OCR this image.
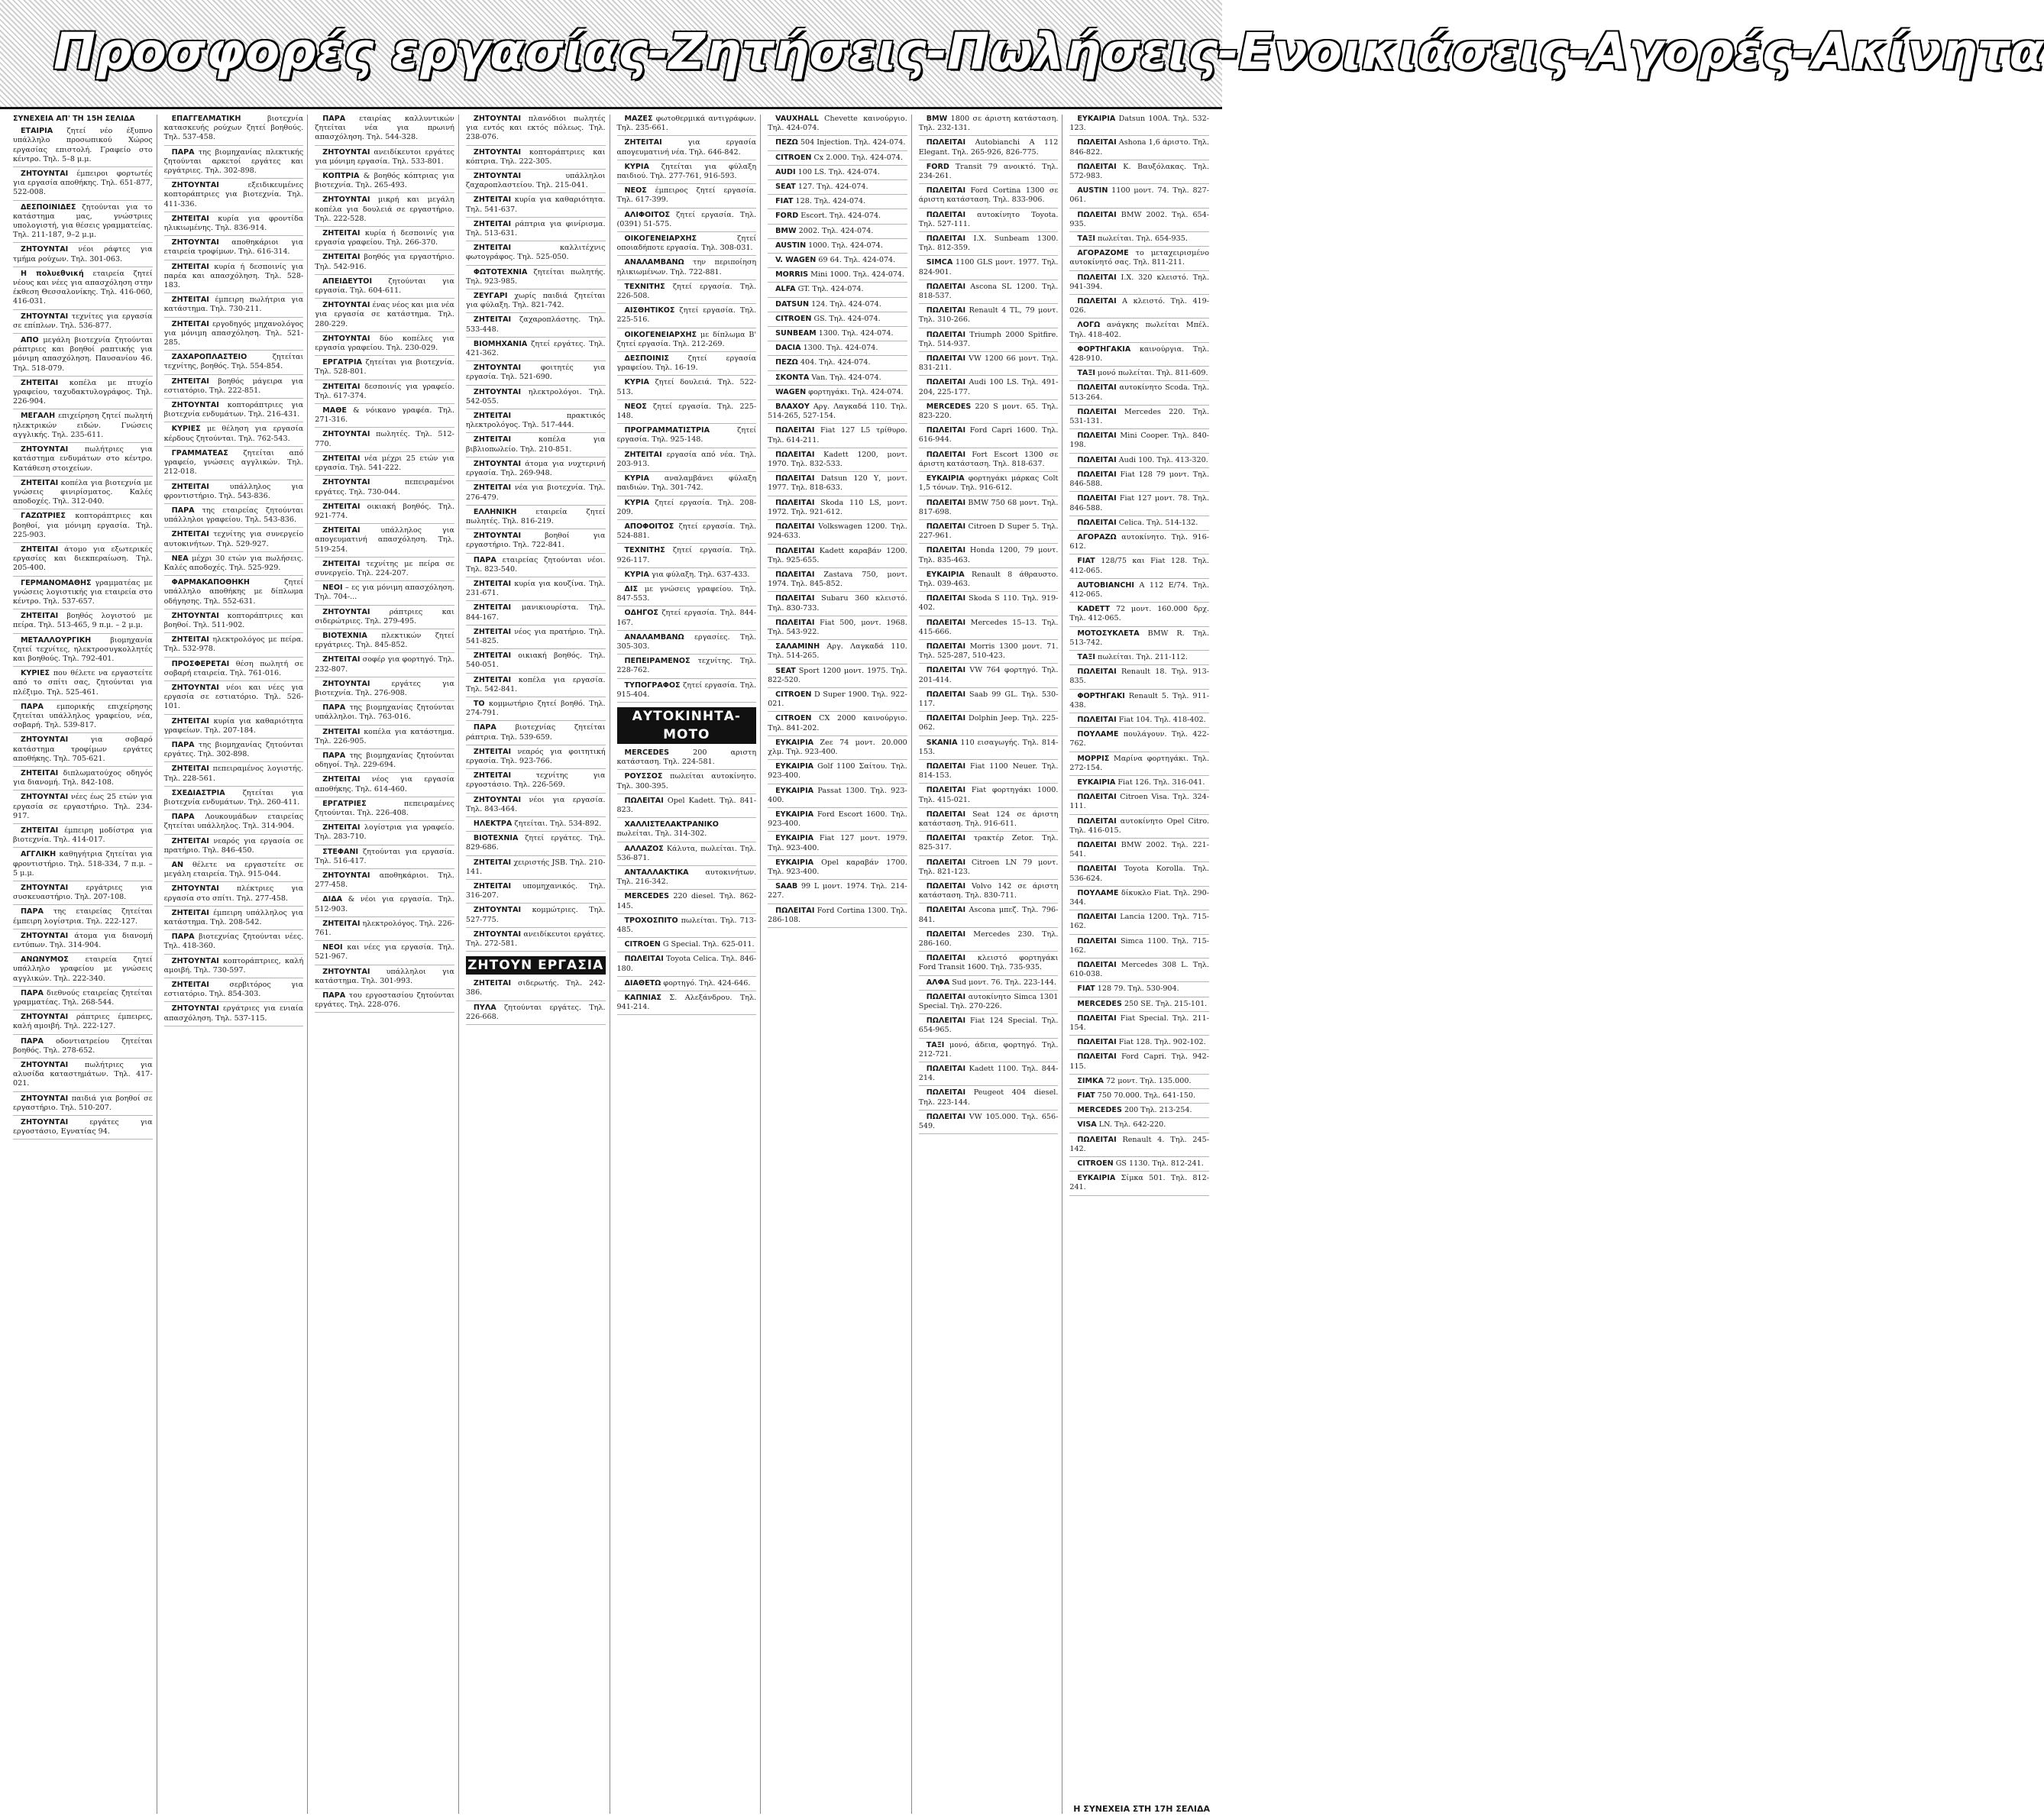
Προσφορές εργασίας-Ζητήσεις-Πωλήσεις-Ενοικιάσεις-Αγορές-Ακίνητα
ΣΥΝΕΧΕΙΑ ΑΠ' ΤΗ 15Η ΣΕΛΙΔΑ
ΕΤΑΙΡΙΑ ζητεί νέο έξυπνο υπάλληλο προσωπικού Χώρος εργασίας επιστολή. Γραφείο στο κέντρο. Τηλ. 5–8 μ.μ.
ΖΗΤΟΥΝΤΑΙ έμπειροι φορτωτές για εργασία αποθήκης. Τηλ. 651-877, 522-008.
ΔΕΣΠΟΙΝΙΔΕΣ ζητούνται για το κατάστημα μας, γνώστριες υπολογιστή, για θέσεις γραμματείας. Τηλ. 211-187, 9–2 μ.μ.
ΖΗΤΟΥΝΤΑΙ νέοι ράφτες για τμήμα ρούχων. Τηλ. 301-063.
Η πολυεθνική εταιρεία ζητεί νέους και νέες για απασχόληση στην έκθεση Θεσσαλονίκης. Τηλ. 416-060, 416-031.
ΖΗΤΟΥΝΤΑΙ τεχνίτες για εργασία σε επίπλων. Τηλ. 536-877.
ΑΠΟ μεγάλη βιοτεχνία ζητούνται ράπτριες και βοηθοί ραπτικής για μόνιμη απασχόληση. Παυσανίου 46. Τηλ. 518-079.
ΖΗΤΕΙΤΑΙ κοπέλα με πτυχίο γραφείου, ταχυδακτυλογράφος. Τηλ. 226-904.
ΜΕΓΑΛΗ επιχείρηση ζητεί πωλητή ηλεκτρικών ειδών. Γνώσεις αγγλικής. Τηλ. 235-611.
ΖΗΤΟΥΝΤΑΙ πωλήτριες για κατάστημα ενδυμάτων στο κέντρο. Κατάθεση στοιχείων.
ΖΗΤΕΙΤΑΙ κοπέλα για βιοτεχνία με γνώσεις φινιρίσματος. Καλές αποδοχές. Τηλ. 312-040.
ΓΑΖΩΤΡΙΕΣ κοπτοράπτριες και βοηθοί, για μόνιμη εργασία. Τηλ. 225-903.
ΖΗΤΕΙΤΑΙ άτομο για εξωτερικές εργασίες και διεκπεραίωση. Τηλ. 205-400.
ΓΕΡΜΑΝΟΜΑΘΗΣ γραμματέας με γνώσεις λογιστικής για εταιρεία στο κέντρο. Τηλ. 537-657.
ΖΗΤΕΙΤΑΙ βοηθός λογιστού με πείρα. Τηλ. 513-465, 9 π.μ. – 2 μ.μ.
ΜΕΤΑΛΛΟΥΡΓΙΚΗ βιομηχανία ζητεί τεχνίτες, ηλεκτροσυγκολλητές και βοηθούς. Τηλ. 792-401.
ΚΥΡΙΕΣ που θέλετε να εργαστείτε από το σπίτι σας, ζητούνται για πλέξιμο. Τηλ. 525-461.
ΠΑΡΑ εμπορικής επιχείρησης ζητείται υπάλληλος γραφείου, νέα, σοβαρή. Τηλ. 539-817.
ΖΗΤΟΥΝΤΑΙ για σοβαρό κατάστημα τροφίμων εργάτες αποθήκης. Τηλ. 705-621.
ΖΗΤΕΙΤΑΙ διπλωματούχος οδηγός για διανομή. Τηλ. 842-108.
ΖΗΤΟΥΝΤΑΙ νέες έως 25 ετών για εργασία σε εργαστήριο. Τηλ. 234-917.
ΖΗΤΕΙΤΑΙ έμπειρη μοδίστρα για βιοτεχνία. Τηλ. 414-017.
ΑΓΓΛΙΚΗ καθηγήτρια ζητείται για φροντιστήριο. Τηλ. 518-334, 7 π.μ. – 5 μ.μ.
ΖΗΤΟΥΝΤΑΙ εργάτριες για συσκευαστήριο. Τηλ. 207-108.
ΠΑΡΑ της εταιρείας ζητείται έμπειρη λογίστρια. Τηλ. 222-127.
ΖΗΤΟΥΝΤΑΙ άτομα για διανομή εντύπων. Τηλ. 314-904.
ΑΝΩΝΥΜΟΣ εταιρεία ζητεί υπάλληλο γραφείου με γνώσεις αγγλικών. Τηλ. 222-340.
ΠΑΡΑ διεθνούς εταιρείας ζητείται γραμματέας. Τηλ. 268-544.
ΖΗΤΟΥΝΤΑΙ ράπτριες έμπειρες, καλή αμοιβή. Τηλ. 222-127.
ΠΑΡΑ οδοντιατρείου ζητείται βοηθός. Τηλ. 278-652.
ΖΗΤΟΥΝΤΑΙ πωλήτριες για αλυσίδα καταστημάτων. Τηλ. 417-021.
ΖΗΤΟΥΝΤΑΙ παιδιά για βοηθοί σε εργαστήριο. Τηλ. 510-207.
ΖΗΤΟΥΝΤΑΙ εργάτες για εργοστάσιο, Εγνατίας 94.
ΕΠΑΓΓΕΛΜΑΤΙΚΗ βιοτεχνία κατασκευής ρούχων ζητεί βοηθούς. Τηλ. 537-458.
ΠΑΡΑ της βιομηχανίας πλεκτικής ζητούνται αρκετοί εργάτες και εργάτριες. Τηλ. 302-898.
ΖΗΤΟΥΝΤΑΙ εξειδικευμένες κοπτοράπτριες για βιοτεχνία. Τηλ. 411-336.
ΖΗΤΕΙΤΑΙ κυρία για φροντίδα ηλικιωμένης. Τηλ. 836-914.
ΖΗΤΟΥΝΤΑΙ αποθηκάριοι για εταιρεία τροφίμων. Τηλ. 616-314.
ΖΗΤΕΙΤΑΙ κυρία ή δεσποινίς για παρέα και απασχόληση. Τηλ. 528-183.
ΖΗΤΕΙΤΑΙ έμπειρη πωλήτρια για κατάστημα. Τηλ. 730-211.
ΖΗΤΕΙΤΑΙ εργοδηγός μηχανολόγος για μόνιμη απασχόληση. Τηλ. 521-285.
ΖΑΧΑΡΟΠΛΑΣΤΕΙΟ ζητείται τεχνίτης, βοηθός. Τηλ. 554-854.
ΖΗΤΕΙΤΑΙ βοηθός μάγειρα για εστιατόριο. Τηλ. 222-851.
ΖΗΤΟΥΝΤΑΙ κοπτοράπτριες για βιοτεχνία ενδυμάτων. Τηλ. 216-431.
ΚΥΡΙΕΣ με θέληση για εργασία κέρδους ζητούνται. Τηλ. 762-543.
ΓΡΑΜΜΑΤΕΑΣ ζητείται από γραφείο, γνώσεις αγγλικών. Τηλ. 212-018.
ΖΗΤΕΙΤΑΙ υπάλληλος για φροντιστήριο. Τηλ. 543-836.
ΠΑΡΑ της εταιρείας ζητούνται υπάλληλοι γραφείου. Τηλ. 543-836.
ΖΗΤΕΙΤΑΙ τεχνίτης για συνεργείο αυτοκινήτων. Τηλ. 529-927.
ΝΕΑ μέχρι 30 ετών για πωλήσεις. Καλές αποδοχές. Τηλ. 525-929.
ΦΑΡΜΑΚΑΠΟΘΗΚΗ ζητεί υπάλληλο αποθήκης με δίπλωμα οδήγησης. Τηλ. 552-631.
ΖΗΤΟΥΝΤΑΙ κοπτοράπτριες και βοηθοί. Τηλ. 511-902.
ΖΗΤΕΙΤΑΙ ηλεκτρολόγος με πείρα. Τηλ. 532-978.
ΠΡΟΣΦΕΡΕΤΑΙ θέση πωλητή σε σοβαρή εταιρεία. Τηλ. 761-016.
ΖΗΤΟΥΝΤΑΙ νέοι και νέες για εργασία σε εστιατόριο. Τηλ. 526-101.
ΖΗΤΕΙΤΑΙ κυρία για καθαριότητα γραφείων. Τηλ. 207-184.
ΠΑΡΑ της βιομηχανίας ζητούνται εργάτες. Τηλ. 302-898.
ΖΗΤΕΙΤΑΙ πεπειραμένος λογιστής. Τηλ. 228-561.
ΣΧΕΔΙΑΣΤΡΙΑ ζητείται για βιοτεχνία ενδυμάτων. Τηλ. 260-411.
ΠΑΡΑ Λουκουμάδων εταιρείας ζητείται υπάλληλος. Τηλ. 314-904.
ΖΗΤΕΙΤΑΙ νεαρός για εργασία σε πρατήριο. Τηλ. 846-450.
ΑΝ θέλετε να εργαστείτε σε μεγάλη εταιρεία. Τηλ. 915-044.
ΖΗΤΟΥΝΤΑΙ πλέκτριες για εργασία στο σπίτι. Τηλ. 277-458.
ΖΗΤΕΙΤΑΙ έμπειρη υπάλληλος για κατάστημα. Τηλ. 208-542.
ΠΑΡΑ βιοτεχνίας ζητούνται νέες. Τηλ. 418-360.
ΖΗΤΟΥΝΤΑΙ κοπτοράπτριες, καλή αμοιβή. Τηλ. 730-597.
ΖΗΤΕΙΤΑΙ σερβιτόρος για εστιατόριο. Τηλ. 854-303.
ΖΗΤΟΥΝΤΑΙ εργάτριες για ενιαία απασχόληση. Τηλ. 537-115.
ΠΑΡΑ εταιρίας καλλυντικών ζητείται νέα για πρωινή απασχόληση. Τηλ. 544-328.
ΖΗΤΟΥΝΤΑΙ ανειδίκευτοι εργάτες για μόνιμη εργασία. Τηλ. 533-801.
ΚΟΠΤΡΙΑ & βοηθός κόπτριας για βιοτεχνία. Τηλ. 265-493.
ΖΗΤΟΥΝΤΑΙ μικρή και μεγάλη κοπέλα για δουλειά σε εργαστήριο. Τηλ. 222-528.
ΖΗΤΕΙΤΑΙ κυρία ή δεσποινίς για εργασία γραφείου. Τηλ. 266-370.
ΖΗΤΕΙΤΑΙ βοηθός για εργαστήριο. Τηλ. 542-916.
ΑΠΕΙΔΕΥΤΟΙ ζητούνται για εργασία. Τηλ. 604-611.
ΖΗΤΟΥΝΤΑΙ ένας νέος και μια νέα για εργασία σε κατάστημα. Τηλ. 280-229.
ΖΗΤΟΥΝΤΑΙ δύο κοπέλες για εργασία γραφείου. Τηλ. 230-029.
ΕΡΓΑΤΡΙΑ ζητείται για βιοτεχνία. Τηλ. 528-801.
ΖΗΤΕΙΤΑΙ δεσποινίς για γραφείο. Τηλ. 617-374.
ΜΑΘΕ & νόικανο γραφέα. Τηλ. 271-316.
ΖΗΤΟΥΝΤΑΙ πωλητές. Τηλ. 512-770.
ΖΗΤΕΙΤΑΙ νέα μέχρι 25 ετών για εργασία. Τηλ. 541-222.
ΖΗΤΟΥΝΤΑΙ πεπειραμένοι εργάτες. Τηλ. 730-044.
ΖΗΤΕΙΤΑΙ οικιακή βοηθός. Τηλ. 921-774.
ΖΗΤΕΙΤΑΙ υπάλληλος για απογευματινή απασχόληση. Τηλ. 519-254.
ΖΗΤΕΙΤΑΙ τεχνίτης με πείρα σε συνεργείο. Τηλ. 224-207.
ΝΕΟΙ – ες για μόνιμη απασχόληση. Τηλ. 704-...
ΖΗΤΟΥΝΤΑΙ ράπτριες και σιδερώτριες. Τηλ. 279-495.
ΒΙΟΤΕΧΝΙΑ πλεκτικών ζητεί εργάτριες. Τηλ. 845-852.
ΖΗΤΕΙΤΑΙ σοφέρ για φορτηγό. Τηλ. 232-807.
ΖΗΤΟΥΝΤΑΙ εργάτες για βιοτεχνία. Τηλ. 276-908.
ΠΑΡΑ της βιομηχανίας ζητούνται υπάλληλοι. Τηλ. 763-016.
ΖΗΤΕΙΤΑΙ κοπέλα για κατάστημα. Τηλ. 226-905.
ΠΑΡΑ της βιομηχανίας ζητούνται οδηγοί. Τηλ. 229-694.
ΖΗΤΕΙΤΑΙ νέος για εργασία αποθήκης. Τηλ. 614-460.
ΕΡΓΑΤΡΙΕΣ πεπειραμένες ζητούνται. Τηλ. 226-408.
ΖΗΤΕΙΤΑΙ λογίστρια για γραφείο. Τηλ. 283-710.
ΣΤΕΦΑΝΙ ζητούνται για εργασία. Τηλ. 516-417.
ΖΗΤΟΥΝΤΑΙ αποθηκάριοι. Τηλ. 277-458.
ΔΙΔΑ & νέοι για εργασία. Τηλ. 512-903.
ΖΗΤΕΙΤΑΙ ηλεκτρολόγος. Τηλ. 226-761.
ΝΕΟΙ και νέες για εργασία. Τηλ. 521-967.
ΖΗΤΟΥΝΤΑΙ υπάλληλοι για κατάστημα. Τηλ. 301-993.
ΠΑΡΑ του εργοστασίου ζητούνται εργάτες. Τηλ. 228-076.
ΖΗΤΟΥΝΤΑΙ πλανόδιοι πωλητές για εντός και εκτός πόλεως. Τηλ. 238-076.
ΖΗΤΟΥΝΤΑΙ κοπτοράπτριες και κόπτρια. Τηλ. 222-305.
ΖΗΤΟΥΝΤΑΙ υπάλληλοι ζαχαροπλαστείου. Τηλ. 215-041.
ΖΗΤΕΙΤΑΙ κυρία για καθαριότητα. Τηλ. 541-637.
ΖΗΤΕΙΤΑΙ ράπτρια για φινίρισμα. Τηλ. 513-631.
ΖΗΤΕΙΤΑΙ καλλιτέχνις φωτογράφος. Τηλ. 525-050.
ΦΩΤΟΤΕΧΝΙΑ ζητείται πωλητής. Τηλ. 923-985.
ΖΕΥΓΑΡΙ χωρίς παιδιά ζητείται για φύλαξη. Τηλ. 821-742.
ΖΗΤΕΙΤΑΙ ζαχαροπλάστης. Τηλ. 533-448.
ΒΙΟΜΗΧΑΝΙΑ ζητεί εργάτες. Τηλ. 421-362.
ΖΗΤΟΥΝΤΑΙ φοιτητές για εργασία. Τηλ. 521-690.
ΖΗΤΟΥΝΤΑΙ ηλεκτρολόγοι. Τηλ. 542-055.
ΖΗΤΕΙΤΑΙ πρακτικός ηλεκτρολόγος. Τηλ. 517-444.
ΖΗΤΕΙΤΑΙ κοπέλα για βιβλιοπωλείο. Τηλ. 210-851.
ΖΗΤΟΥΝΤΑΙ άτομα για νυχτερινή εργασία. Τηλ. 269-948.
ΖΗΤΕΙΤΑΙ νέα για βιοτεχνία. Τηλ. 276-479.
ΕΛΛΗΝΙΚΗ εταιρεία ζητεί πωλητές. Τηλ. 816-219.
ΖΗΤΟΥΝΤΑΙ βοηθοί για εργαστήριο. Τηλ. 722-841.
ΠΑΡΑ εταιρείας ζητούνται νέοι. Τηλ. 823-540.
ΖΗΤΕΙΤΑΙ κυρία για κουζίνα. Τηλ. 231-671.
ΖΗΤΕΙΤΑΙ μανικιουρίστα. Τηλ. 844-167.
ΖΗΤΕΙΤΑΙ νέος για πρατήριο. Τηλ. 541-825.
ΖΗΤΕΙΤΑΙ οικιακή βοηθός. Τηλ. 540-051.
ΖΗΤΕΙΤΑΙ κοπέλα για εργασία. Τηλ. 542-841.
ΤΟ κομμωτήριο ζητεί βοηθό. Τηλ. 274-791.
ΠΑΡΑ βιοτεχνίας ζητείται ράπτρια. Τηλ. 539-659.
ΖΗΤΕΙΤΑΙ νεαρός για φοιτητική εργασία. Τηλ. 923-766.
ΖΗΤΕΙΤΑΙ τεχνίτης για εργοστάσιο. Τηλ. 226-569.
ΖΗΤΟΥΝΤΑΙ νέοι για εργασία. Τηλ. 843-464.
ΗΛΕΚΤΡΑ ζητείται. Τηλ. 534-892.
ΒΙΟΤΕΧΝΙΑ ζητεί εργάτες. Τηλ. 829-686.
ΖΗΤΕΙΤΑΙ χειριστής JSB. Τηλ. 210-141.
ΖΗΤΕΙΤΑΙ υπομηχανικός. Τηλ. 316-207.
ΖΗΤΟΥΝΤΑΙ κομμώτριες. Τηλ. 527-775.
ΖΗΤΟΥΝΤΑΙ ανειδίκευτοι εργάτες. Τηλ. 272-581.
ΖΗΤΟΥΝ ΕΡΓΑΣΙΑ
ΖΗΤΕΙΤΑΙ σιδερωτής. Τηλ. 242-386.
ΠΥΛΑ ζητούνται εργάτες. Τηλ. 226-668.
ΜΑΖΕΣ φωτοθερμικά αντιγράφων. Τηλ. 235-661.
ΖΗΤΕΙΤΑΙ για εργασία απογευματινή νέα. Τηλ. 646-842.
ΚΥΡΙΑ ζητείται για φύλαξη παιδιού. Τηλ. 277-761, 916-593.
ΝΕΟΣ έμπειρος ζητεί εργασία. Τηλ. 617-399.
ΑΛΙΦΟΙΤΟΣ ζητεί εργασία. Τηλ. (0391) 51-575.
ΟΙΚΟΓΕΝΕΙΑΡΧΗΣ ζητεί οποιαδήποτε εργασία. Τηλ. 308-031.
ΑΝΑΛΑΜΒΑΝΩ την περιποίηση ηλικιωμένων. Τηλ. 722-881.
ΤΕΧΝΙΤΗΣ ζητεί εργασία. Τηλ. 226-508.
ΑΙΣΘΗΤΙΚΟΣ ζητεί εργασία. Τηλ. 225-516.
ΟΙΚΟΓΕΝΕΙΑΡΧΗΣ με δίπλωμα Β' ζητεί εργασία. Τηλ. 212-269.
ΔΕΣΠΟΙΝΙΣ ζητεί εργασία γραφείου. Τηλ. 16-19.
ΚΥΡΙΑ ζητεί δουλειά. Τηλ. 522-513.
ΝΕΟΣ ζητεί εργασία. Τηλ. 225-148.
ΠΡΟΓΡΑΜΜΑΤΙΣΤΡΙΑ ζητεί εργασία. Τηλ. 925-148.
ΖΗΤΕΙΤΑΙ εργασία από νέα. Τηλ. 203-913.
ΚΥΡΙΑ αναλαμβάνει φύλαξη παιδιών. Τηλ. 301-742.
ΚΥΡΙΑ ζητεί εργασία. Τηλ. 208-209.
ΑΠΟΦΟΙΤΟΣ ζητεί εργασία. Τηλ. 524-881.
ΤΕΧΝΙΤΗΣ ζητεί εργασία. Τηλ. 926-117.
ΚΥΡΙΑ για φύλαξη. Τηλ. 637-433.
ΔΙΣ με γνώσεις γραφείου. Τηλ. 847-553.
ΟΔΗΓΟΣ ζητεί εργασία. Τηλ. 844-167.
ΑΝΑΛΑΜΒΑΝΩ εργασίες. Τηλ. 305-303.
ΠΕΠΕΙΡΑΜΕΝΟΣ τεχνίτης. Τηλ. 228-762.
ΤΥΠΟΓΡΑΦΟΣ ζητεί εργασία. Τηλ. 915-404.
ΑΥΤΟΚΙΝΗΤΑ-ΜΟΤΟ
MERCEDES 200 αριστη κατάσταση. Τηλ. 224-581.
ΡΟΥΣΣΟΣ πωλείται αυτοκίνητο. Τηλ. 300-395.
ΠΩΛΕΙΤΑΙ Opel Kadett. Τηλ. 841-823.
ΧΑΛΛΙΣΤΕΛΑΚΤΡΑΝΙΚΟ πωλείται. Τηλ. 314-302.
ΑΛΛΑΖΟΣ Κάλυτα, πωλείται. Τηλ. 536-871.
ΑΝΤΑΛΛΑΚΤΙΚΑ αυτοκινήτων. Τηλ. 216-342.
MERCEDES 220 diesel. Τηλ. 862-145.
ΤΡΟΧΟΣΠΙΤΟ πωλείται. Τηλ. 713-485.
CITROEN G Special. Τηλ. 625-011.
ΠΩΛΕΙΤΑΙ Toyota Celica. Τηλ. 846-180.
ΔΙΑΘΕΤΩ φορτηγό. Τηλ. 424-646.
ΚΑΠΝΙΑΣ Σ. Αλεξάνδρου. Τηλ. 941-214.
VAUXHALL Chevette καινούργιο. Τηλ. 424-074.
ΠΕΖΩ 504 Injection. Τηλ. 424-074.
CITROEN Cx 2.000. Τηλ. 424-074.
AUDI 100 LS. Τηλ. 424-074.
SEAT 127. Τηλ. 424-074.
FIAT 128. Τηλ. 424-074.
FORD Escort. Τηλ. 424-074.
BMW 2002. Τηλ. 424-074.
AUSTIN 1000. Τηλ. 424-074.
V. WAGEN 69 64. Τηλ. 424-074.
MORRIS Mini 1000. Τηλ. 424-074.
ALFA GT. Τηλ. 424-074.
DATSUN 124. Τηλ. 424-074.
CITROEN GS. Τηλ. 424-074.
SUNBEAM 1300. Τηλ. 424-074.
DACIA 1300. Τηλ. 424-074.
ΠΕΖΩ 404. Τηλ. 424-074.
ΣΚΟΝΤΑ Van. Τηλ. 424-074.
WAGEN φορτηγάκι. Τηλ. 424-074.
ΒΛΑΧΟΥ Αργ. Λαγκαδά 110. Τηλ. 514-265, 527-154.
ΠΩΛΕΙΤΑΙ Fiat 127 L5 τρίθυρο. Τηλ. 614-211.
ΠΩΛΕΙΤΑΙ Kadett 1200, μοντ. 1970. Τηλ. 832-533.
ΠΩΛΕΙΤΑΙ Datsun 120 Υ, μοντ. 1977. Τηλ. 818-633.
ΠΩΛΕΙΤΑΙ Skoda 110 LS, μοντ. 1972. Τηλ. 921-612.
ΠΩΛΕΙΤΑΙ Volkswagen 1200. Τηλ. 924-633.
ΠΩΛΕΙΤΑΙ Kadett καραβάν 1200. Τηλ. 925-655.
ΠΩΛΕΙΤΑΙ Zastava 750, μοντ. 1974. Τηλ. 845-852.
ΠΩΛΕΙΤΑΙ Subaru 360 κλειστό. Τηλ. 830-733.
ΠΩΛΕΙΤΑΙ Fiat 500, μοντ. 1968. Τηλ. 543-922.
ΣΑΛΑΜΙΝΗ Αργ. Λαγκαδά 110. Τηλ. 514-265.
SEAT Sport 1200 μοντ. 1975. Τηλ. 822-520.
CITROEN D Super 1900. Τηλ. 922-021.
CITROEN CX 2000 καινούργιο. Τηλ. 841-202.
ΕΥΚΑΙΡΙΑ Ζeε 74 μοντ. 20.000 χλμ. Τηλ. 923-400.
ΕΥΚΑΙΡΙΑ Golf 1100 Σαίτου. Τηλ. 923-400.
ΕΥΚΑΙΡΙΑ Passat 1300. Τηλ. 923-400.
ΕΥΚΑΙΡΙΑ Ford Escort 1600. Τηλ. 923-400.
ΕΥΚΑΙΡΙΑ Fiat 127 μοντ. 1979. Τηλ. 923-400.
ΕΥΚΑΙΡΙΑ Opel καραβάν 1700. Τηλ. 923-400.
SAAB 99 L μοντ. 1974. Τηλ. 214-227.
ΠΩΛΕΙΤΑΙ Ford Cortina 1300. Τηλ. 286-108.
BMW 1800 σε άριστη κατάσταση. Τηλ. 232-131.
ΠΩΛΕΙΤΑΙ Autobianchi A 112 Elegant. Τηλ. 265-926, 826-775.
FORD Transit 79 ανοικτό. Τηλ. 234-261.
ΠΩΛΕΙΤΑΙ Ford Cortina 1300 σε άριστη κατάσταση. Τηλ. 833-906.
ΠΩΛΕΙΤΑΙ αυτοκίνητο Toyota. Τηλ. 527-111.
ΠΩΛΕΙΤΑΙ I.X. Sunbeam 1300. Τηλ. 812-359.
SIMCA 1100 GLS μοντ. 1977. Τηλ. 824-901.
ΠΩΛΕΙΤΑΙ Ascona SL 1200. Τηλ. 818-537.
ΠΩΛΕΙΤΑΙ Renault 4 TL, 79 μοντ. Τηλ. 310-266.
ΠΩΛΕΙΤΑΙ Triumph 2000 Spitfire. Τηλ. 514-937.
ΠΩΛΕΙΤΑΙ VW 1200 66 μοντ. Τηλ. 831-211.
ΠΩΛΕΙΤΑΙ Audi 100 LS. Τηλ. 491-204, 225-177.
MERCEDES 220 S μοντ. 65. Τηλ. 823-220.
ΠΩΛΕΙΤΑΙ Ford Capri 1600. Τηλ. 616-944.
ΠΩΛΕΙΤΑΙ Fort Escort 1300 σε άριστη κατάσταση. Τηλ. 818-637.
ΕΥΚΑΙΡΙΑ φορτηγάκι μάρκας Colt 1,5 τόνων. Τηλ. 916-612.
ΠΩΛΕΙΤΑΙ BMW 750 68 μοντ. Τηλ. 817-698.
ΠΩΛΕΙΤΑΙ Citroen D Super 5. Τηλ. 227-961.
ΠΩΛΕΙΤΑΙ Honda 1200, 79 μοντ. Τηλ. 835-463.
ΕΥΚΑΙΡΙΑ Renault 8 άθραυστο. Τηλ. 039-463.
ΠΩΛΕΙΤΑΙ Skoda S 110. Τηλ. 919-402.
ΠΩΛΕΙΤΑΙ Mercedes 15–13. Τηλ. 415-666.
ΠΩΛΕΙΤΑΙ Morris 1300 μοντ. 71. Τηλ. 525-287, 510-423.
ΠΩΛΕΙΤΑΙ VW 764 φορτηγό. Τηλ. 201-414.
ΠΩΛΕΙΤΑΙ Saab 99 GL. Τηλ. 530-117.
ΠΩΛΕΙΤΑΙ Dolphin Jeep. Τηλ. 225-062.
SKANIA 110 εισαγωγής. Τηλ. 814-153.
ΠΩΛΕΙΤΑΙ Fiat 1100 Neuer. Τηλ. 814-153.
ΠΩΛΕΙΤΑΙ Fiat φορτηγάκι 1000. Τηλ. 415-021.
ΠΩΛΕΙΤΑΙ Seat 124 σε άριστη κατάσταση. Τηλ. 916-611.
ΠΩΛΕΙΤΑΙ τρακτέρ Zetor. Τηλ. 825-317.
ΠΩΛΕΙΤΑΙ Citroen LN 79 μοντ. Τηλ. 821-123.
ΠΩΛΕΙΤΑΙ Volvo 142 σε άριστη κατάσταση. Τηλ. 830-711.
ΠΩΛΕΙΤΑΙ Ascona μπεζ. Τηλ. 796-841.
ΠΩΛΕΙΤΑΙ Mercedes 230. Τηλ. 286-160.
ΠΩΛΕΙΤΑΙ κλειστό φορτηγάκι Ford Transit 1600. Τηλ. 735-935.
ΑΛΦΑ Sud μοντ. 76. Τηλ. 223-144.
ΠΩΛΕΙΤΑΙ αυτοκίνητο Simca 1301 Special. Τηλ. 270-226.
ΠΩΛΕΙΤΑΙ Fiat 124 Special. Τηλ. 654-965.
ΤΑΞΙ μονό, άδεια, φορτηγό. Τηλ. 212-721.
ΠΩΛΕΙΤΑΙ Kadett 1100. Τηλ. 844-214.
ΠΩΛΕΙΤΑΙ Peugeot 404 diesel. Τηλ. 223-144.
ΠΩΛΕΙΤΑΙ VW 105.000. Τηλ. 656-549.
ΕΥΚΑΙΡΙΑ Datsun 100A. Τηλ. 532-123.
ΠΩΛΕΙΤΑΙ Ashona 1,6 άριστο. Τηλ. 846-822.
ΠΩΛΕΙΤΑΙ Κ. Βαυξόλακας. Τηλ. 572-983.
AUSTIN 1100 μοντ. 74. Τηλ. 827-061.
ΠΩΛΕΙΤΑΙ BMW 2002. Τηλ. 654-935.
ΤΑΞΙ πωλείται. Τηλ. 654-935.
ΑΓΟΡΑΖΟΜΕ το μεταχειρισμένο αυτοκίνητό σας. Τηλ. 811-211.
ΠΩΛΕΙΤΑΙ Ι.Χ. 320 κλειστό. Τηλ. 941-394.
ΠΩΛΕΙΤΑΙ Α κλειστό. Τηλ. 419-026.
ΛΟΓΩ ανάγκης πωλείται Μπέλ. Τηλ. 418-402.
ΦΟΡΤΗΓΑΚΙΑ καινούργια. Τηλ. 428-910.
ΤΑΞΙ μονό πωλείται. Τηλ. 811-609.
ΠΩΛΕΙΤΑΙ αυτοκίνητο Scoda. Τηλ. 513-264.
ΠΩΛΕΙΤΑΙ Mercedes 220. Τηλ. 531-131.
ΠΩΛΕΙΤΑΙ Mini Cooper. Τηλ. 840-198.
ΠΩΛΕΙΤΑΙ Audi 100. Τηλ. 413-320.
ΠΩΛΕΙΤΑΙ Fiat 128 79 μοντ. Τηλ. 846-588.
ΠΩΛΕΙΤΑΙ Fiat 127 μοντ. 78. Τηλ. 846-588.
ΠΩΛΕΙΤΑΙ Celica. Τηλ. 514-132.
ΑΓΟΡΑΖΩ αυτοκίνητο. Τηλ. 916-612.
FIAT 128/75 και Fiat 128. Τηλ. 412-065.
AUTOBIANCHI A 112 E/74. Τηλ. 412-065.
KADETT 72 μοντ. 160.000 δρχ. Τηλ. 412-065.
ΜΟΤΟΣΥΚΛΕΤΑ BMW R. Τηλ. 513-742.
ΤΑΞΙ πωλείται. Τηλ. 211-112.
ΠΩΛΕΙΤΑΙ Renault 18. Τηλ. 913-835.
ΦΟΡΤΗΓΑΚΙ Renault 5. Τηλ. 911-438.
ΠΩΛΕΙΤΑΙ Fiat 104. Τηλ. 418-402.
ΠΟΥΛΑΜΕ πουλάγουν. Τηλ. 422-762.
ΜΟΡΡΙΣ Μαρίνα φορτηγάκι. Τηλ. 272-154.
ΕΥΚΑΙΡΙΑ Fiat 126. Τηλ. 316-041.
ΠΩΛΕΙΤΑΙ Citroen Visa. Τηλ. 324-111.
ΠΩΛΕΙΤΑΙ αυτοκίνητο Opel Citro. Τηλ. 416-015.
ΠΩΛΕΙΤΑΙ BMW 2002. Τηλ. 221-541.
ΠΩΛΕΙΤΑΙ Toyota Korolla. Τηλ. 536-624.
ΠΟΥΛΑΜΕ δίκυκλο Fiat. Τηλ. 290-344.
ΠΩΛΕΙΤΑΙ Lancia 1200. Τηλ. 715-162.
ΠΩΛΕΙΤΑΙ Simca 1100. Τηλ. 715-162.
ΠΩΛΕΙΤΑΙ Mercedes 308 L. Τηλ. 610-038.
FIAT 128 79. Τηλ. 530-904.
MERCEDES 250 SE. Τηλ. 215-101.
ΠΩΛΕΙΤΑΙ Fiat Special. Τηλ. 211-154.
ΠΩΛΕΙΤΑΙ Fiat 128. Τηλ. 902-102.
ΠΩΛΕΙΤΑΙ Ford Capri. Τηλ. 942-115.
ΣΙΜΚΑ 72 μοντ. Τηλ. 135.000.
FIAT 750 70.000. Τηλ. 641-150.
MERCEDES 200 Τηλ. 213-254.
VISA LN. Τηλ. 642-220.
ΠΩΛΕΙΤΑΙ Renault 4. Τηλ. 245-142.
CITROEN GS 1130. Τηλ. 812-241.
ΕΥΚΑΙΡΙΑ Σίμκα 501. Τηλ. 812-241.
Η ΣΥΝΕΧΕΙΑ ΣΤΗ 17Η ΣΕΛΙΔΑ
